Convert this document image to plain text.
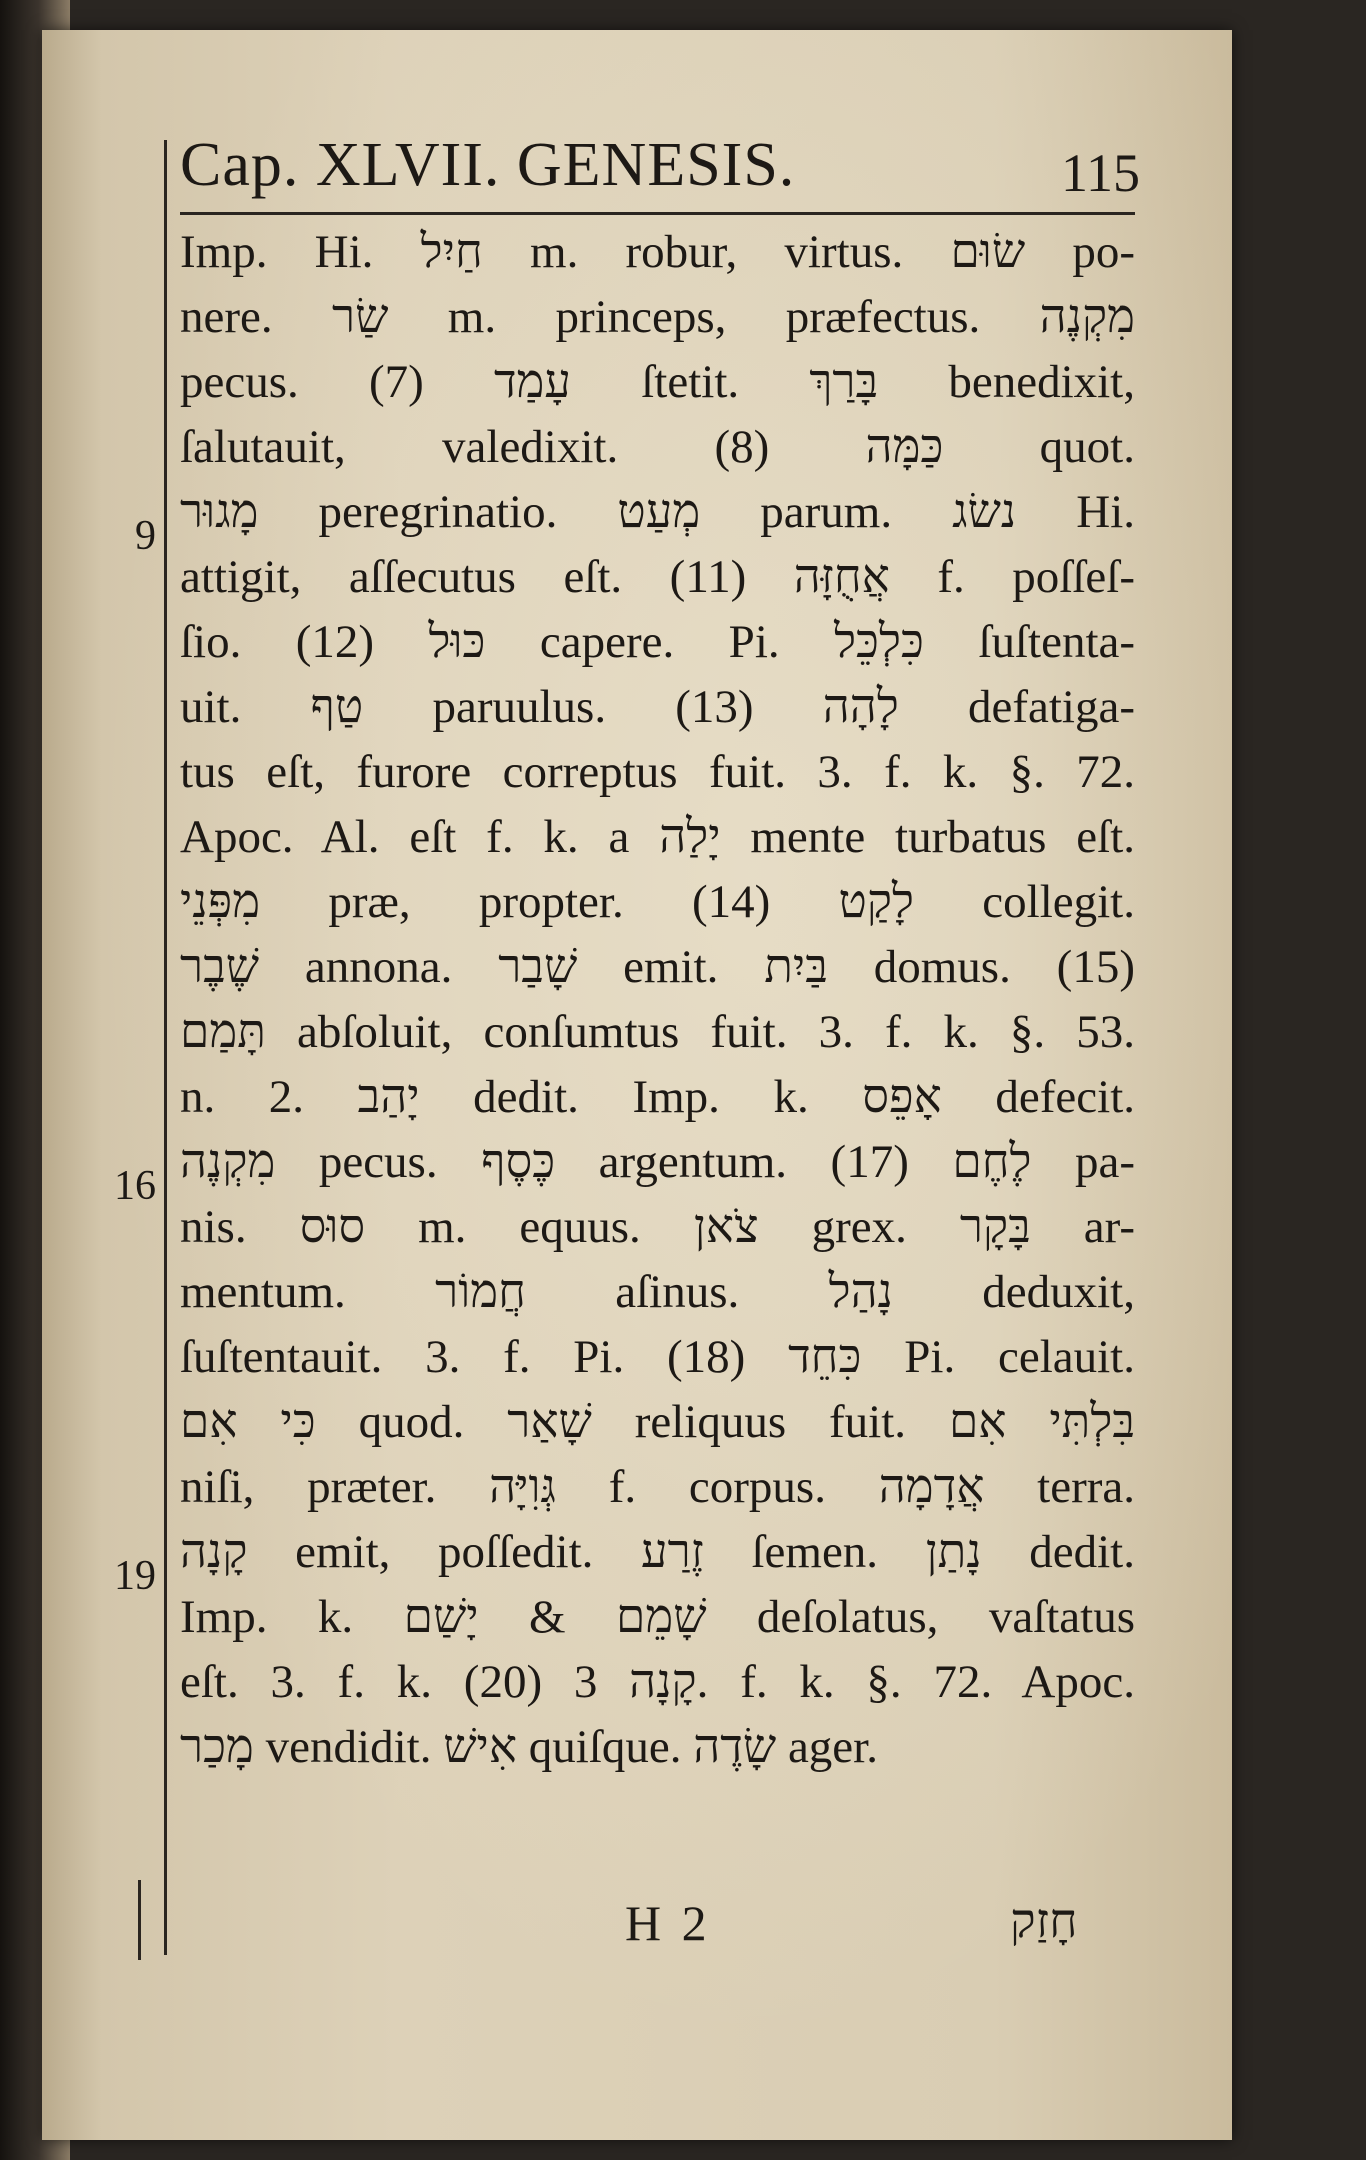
Cap. XLVII. GENESIS.	115
9
16
19
Imp. Hi. חַיִל m. robur, virtus. שׂוּם po-
nere. שַׂר m. princeps, præfectus. מִקְנֶה
pecus. (7) עָמַד ſtetit. בָּרַךְ benedixit,
ſalutauit, valedixit. (8) כַּמָּה quot.
מָגוּר peregrinatio. מְעַט parum. נשׂג Hi.
attigit, aſſecutus eſt. (11) אֲחֻזָּה f. poſſeſ-
ſio. (12) כּוּל capere. Pi. כִּלְכֵּל ſuſtenta-
uit. טַף paruulus. (13) לָהָה defatiga-
tus eſt, furore correptus fuit. 3. f. k. §. 72.
Apoc. Al. eſt f. k. a יָלַה mente turbatus eſt.
מִפְּנֵי præ, propter. (14) לָקַט collegit.
שֶׁבֶר annona. שָׁבַר emit. בַּיִת domus. (15)
תָּמַם abſoluit, conſumtus fuit. 3. f. k. §. 53.
n. 2. יָהַב dedit. Imp. k. אָפֵס defecit.
מִקְנֶה pecus. כֶּסֶף argentum. (17) לֶחֶם pa-
nis. סוּס m. equus. צֹאן grex. בָּקָר ar-
mentum. חֲמוֹר aſinus. נָהַל deduxit,
ſuſtentauit. 3. f. Pi. (18) כִּחֵד Pi. celauit.
כִּי אִם quod. שָׁאַר reliquus fuit. בִּלְתִּי אִם
niſi, præter. גְּוִיָּה f. corpus. אֲדָמָה terra.
קָנָה emit, poſſedit. זֶרַע ſemen. נָתַן dedit.
Imp. k. שָׁמֵם & יָשַׁם deſolatus, vaſtatus
eſt. 3. f. k. (20) קָנָה 3. f. k. §. 72. Apoc.
מָכַר vendidit. אִישׁ quiſque. שָׂדֶה ager.
H 2	חָזַק
